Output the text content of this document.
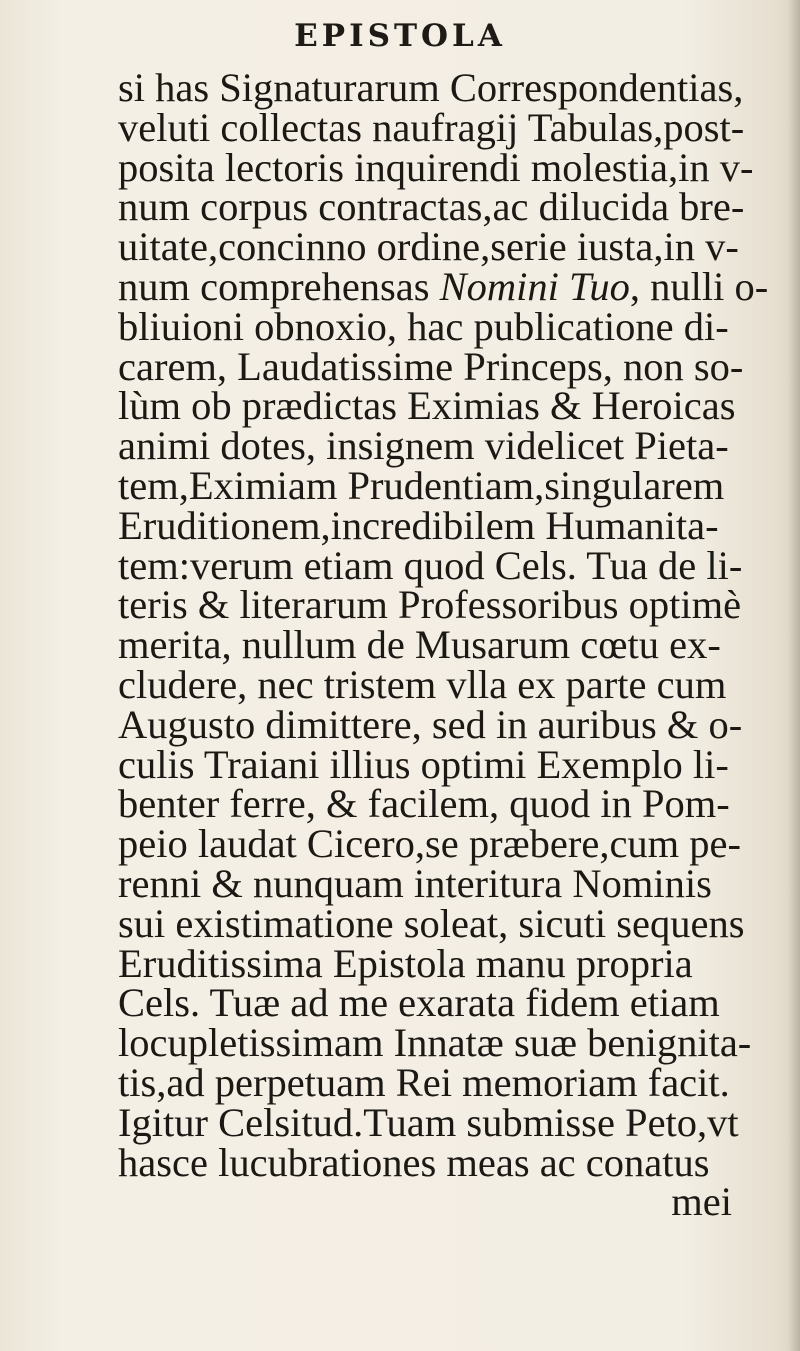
EPISTOLA
si has Signaturarum Correspondentias,
veluti collectas naufragij Tabulas,post-
posita lectoris inquirendi molestia,in v-
num corpus contractas,ac dilucida bre-
uitate,concinno ordine,serie iusta,in v-
num comprehensas Nomini Tuo, nulli o-
bliuioni obnoxio, hac publicatione di-
carem, Laudatissime Princeps, non so-
lùm ob prædictas Eximias & Heroicas
animi dotes, insignem videlicet Pieta-
tem,Eximiam Prudentiam,singularem
Eruditionem,incredibilem Humanita-
tem:verum etiam quod Cels. Tua de li-
teris & literarum Professoribus optimè
merita, nullum de Musarum cœtu ex-
cludere, nec tristem vlla ex parte cum
Augusto dimittere, sed in auribus & o-
culis Traiani illius optimi Exemplo li-
benter ferre, & facilem, quod in Pom-
peio laudat Cicero,se præbere,cum pe-
renni & nunquam interitura Nominis
sui existimatione soleat, sicuti sequens
Eruditissima Epistola manu propria
Cels. Tuæ ad me exarata fidem etiam
locupletissimam Innatæ suæ benignita-
tis,ad perpetuam Rei memoriam facit.
Igitur Celsitud.Tuam submisse Peto,vt
hasce lucubrationes meas ac conatus
mei
